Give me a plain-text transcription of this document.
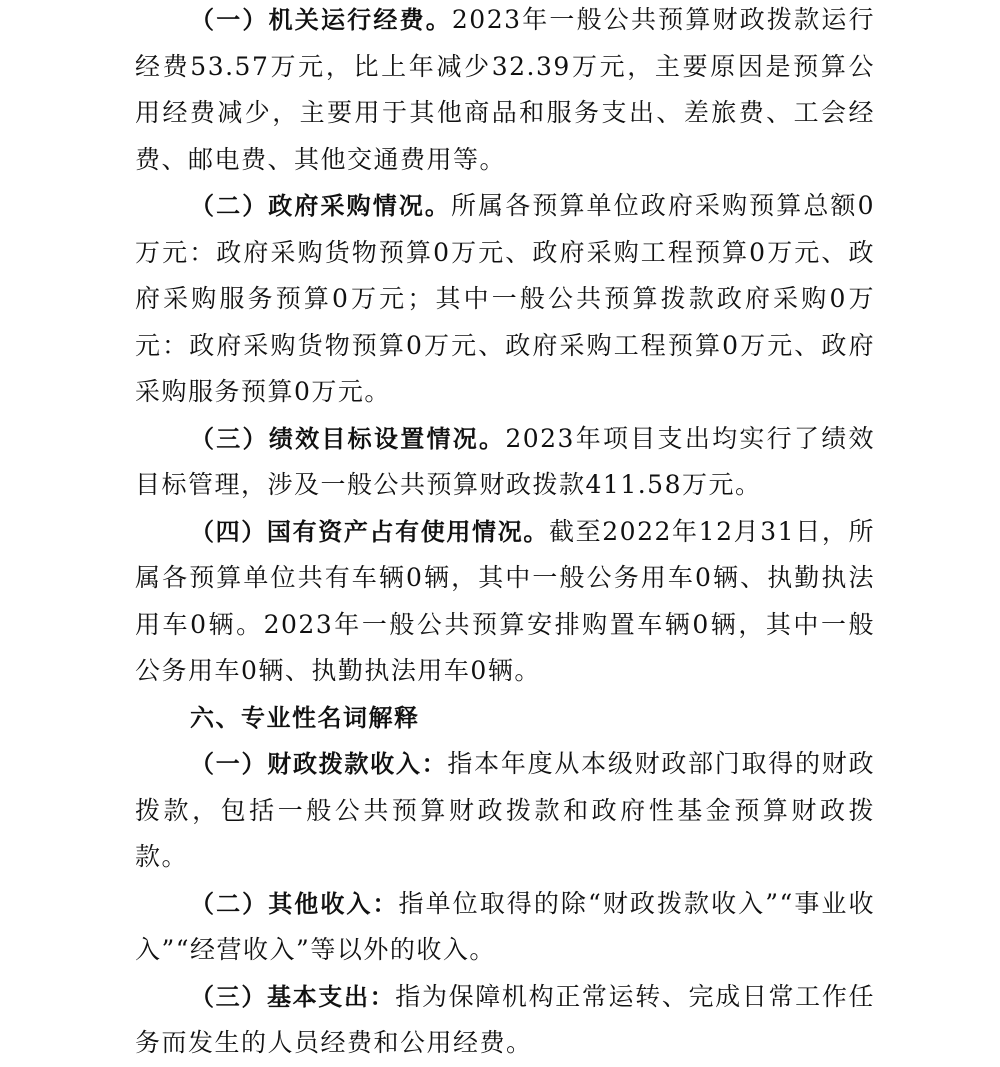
（一）机关运行经费。2023年一般公共预算财政拨款运行经费53.57万元，比上年减少32.39万元，主要原因是预算公用经费减少，主要用于其他商品和服务支出、差旅费、工会经费、邮电费、其他交通费用等。

（二）政府采购情况。所属各预算单位政府采购预算总额0万元：政府采购货物预算0万元、政府采购工程预算0万元、政府采购服务预算0万元；其中一般公共预算拨款政府采购0万元：政府采购货物预算0万元、政府采购工程预算0万元、政府采购服务预算0万元。

（三）绩效目标设置情况。2023年项目支出均实行了绩效目标管理，涉及一般公共预算财政拨款411.58万元。

（四）国有资产占有使用情况。截至2022年12月31日，所属各预算单位共有车辆0辆，其中一般公务用车0辆、执勤执法用车0辆。2023年一般公共预算安排购置车辆0辆，其中一般公务用车0辆、执勤执法用车0辆。

六、专业性名词解释

（一）财政拨款收入：指本年度从本级财政部门取得的财政拨款，包括一般公共预算财政拨款和政府性基金预算财政拨款。

（二）其他收入：指单位取得的除“财政拨款收入”“事业收入”“经营收入”等以外的收入。

（三）基本支出：指为保障机构正常运转、完成日常工作任务而发生的人员经费和公用经费。
